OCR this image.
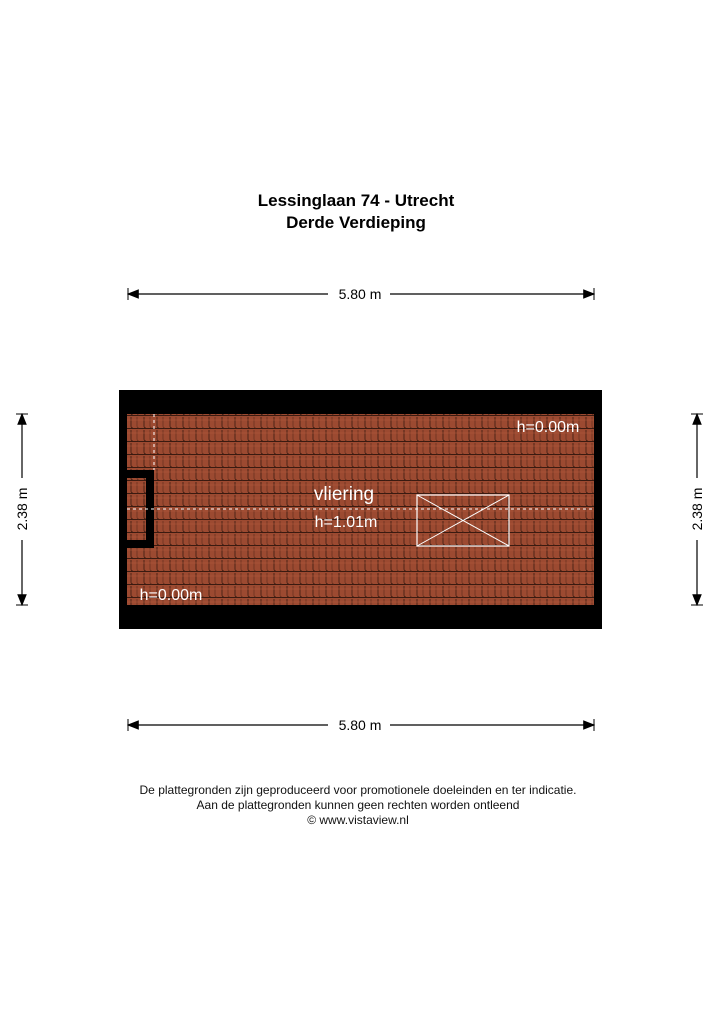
Lessinglaan 74 - Utrecht
Derde Verdieping
5.80 m
5.80 m
2.38 m	2.38 m
vliering
h=1.01m
h=0.00m
h=0.00m
De plattegronden zijn geproduceerd voor promotionele doeleinden en ter indicatie.
Aan de plattegronden kunnen geen rechten worden ontleend
© www.vistaview.nl
